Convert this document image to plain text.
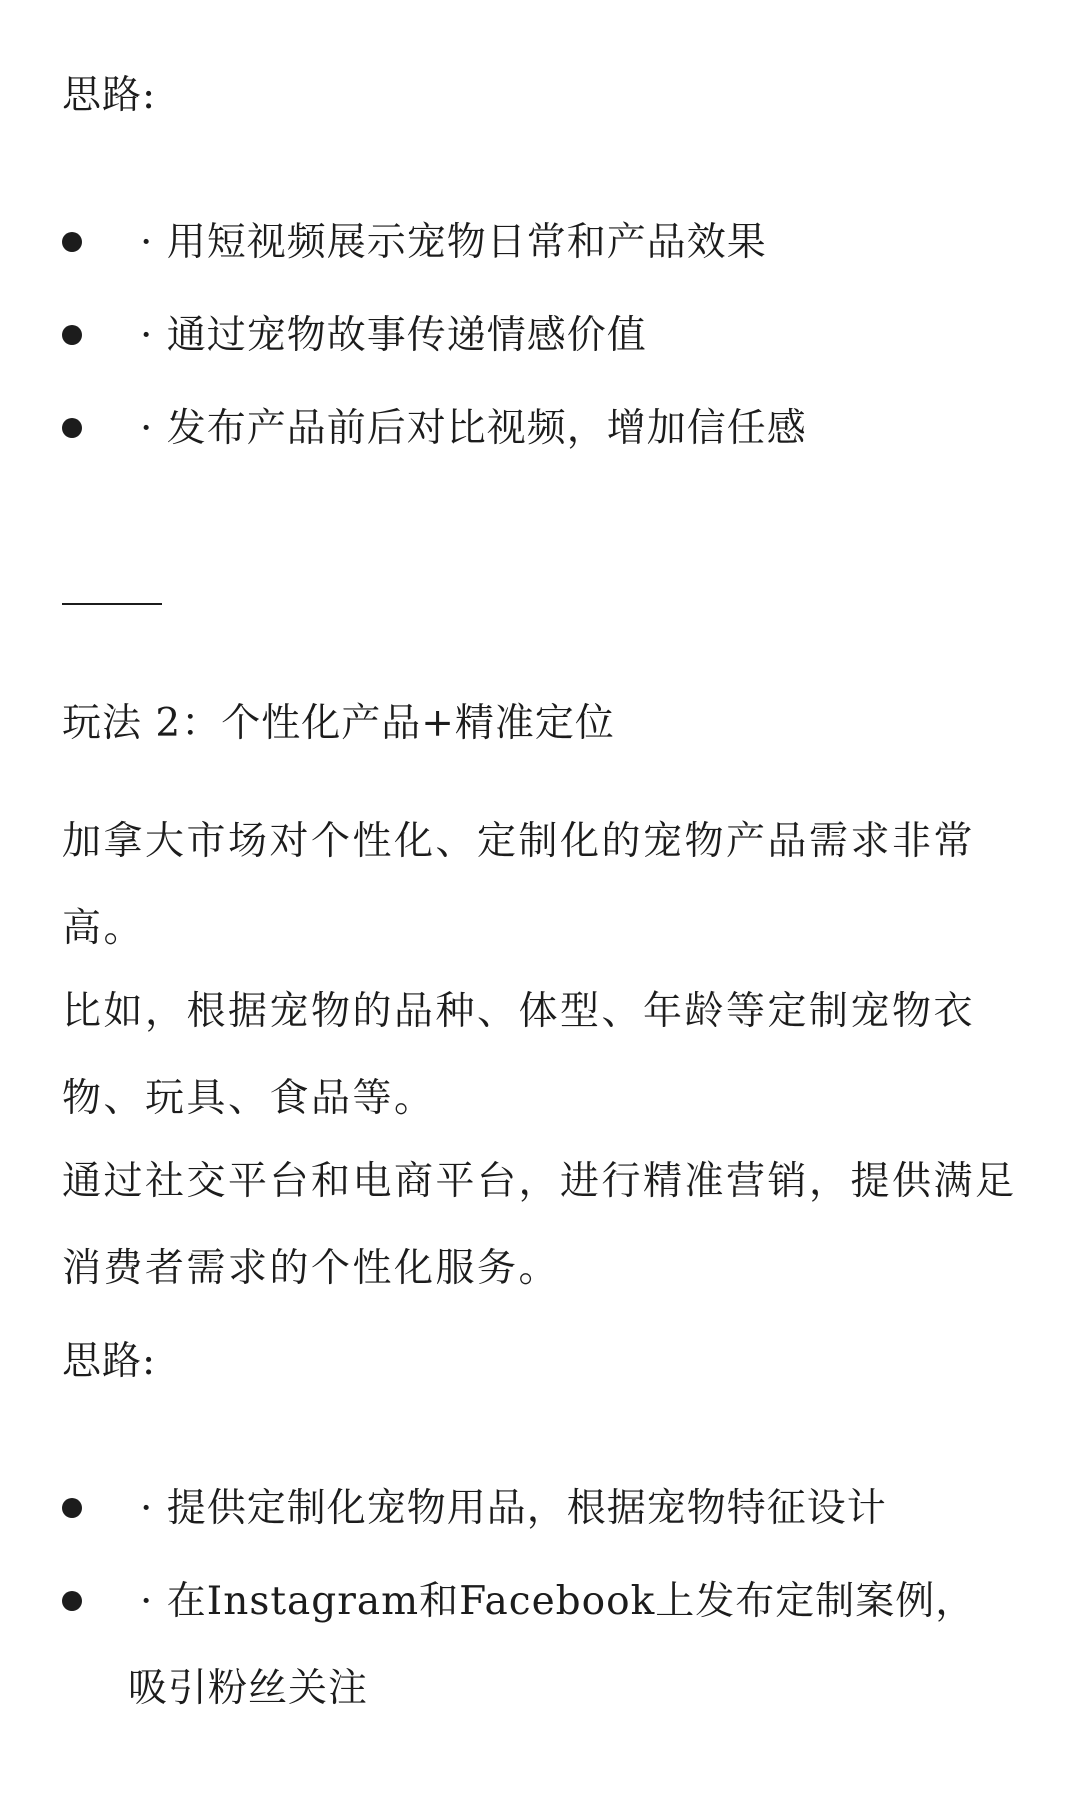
思路:
· 用短视频展示宠物日常和产品效果
· 通过宠物故事传递情感价值
· 发布产品前后对比视频，增加信任感
玩法 2：个性化产品+精准定位
加拿大市场对个性化、定制化的宠物产品需求非常高。
比如，根据宠物的品种、体型、年龄等定制宠物衣物、玩具、食品等。
通过社交平台和电商平台，进行精准营销，提供满足消费者需求的个性化服务。
思路:
· 提供定制化宠物用品，根据宠物特征设计
· 在Instagram和Facebook上发布定制案例，吸引粉丝关注
